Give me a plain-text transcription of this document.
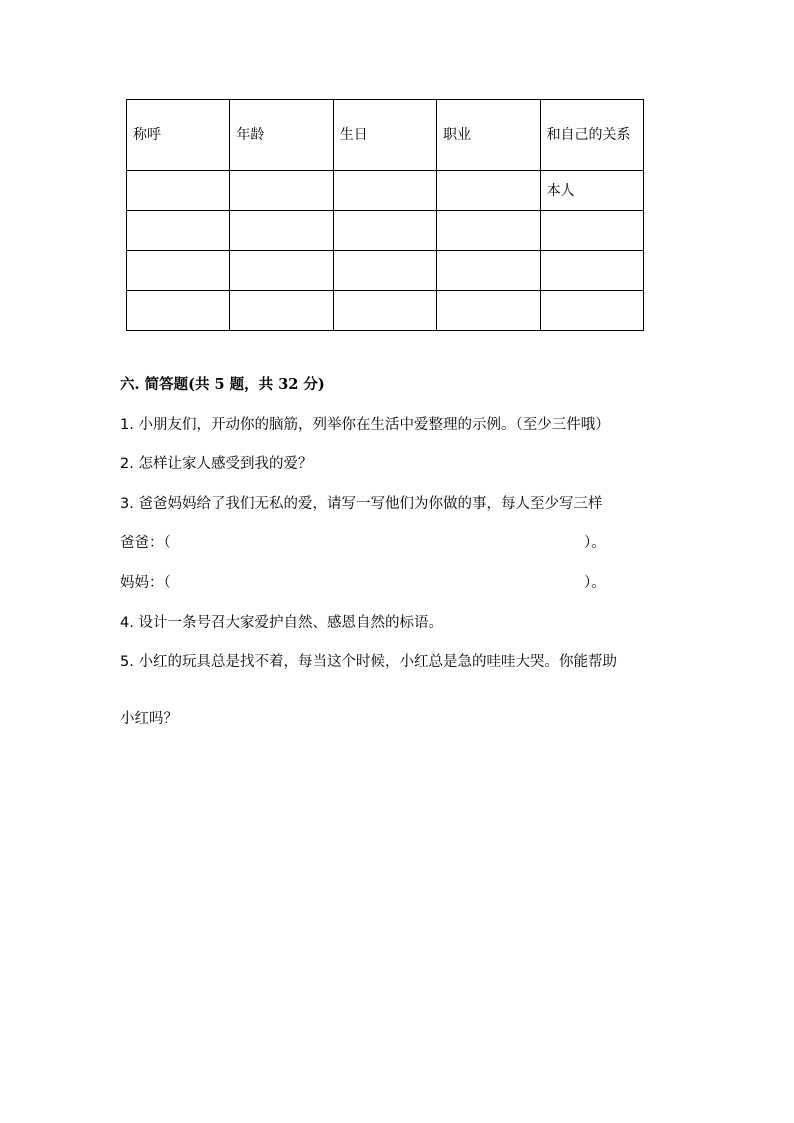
称呼	年龄	生日	职业	和自己的关系
				本人

六. 简答题(共 5 题，共 32 分)
1. 小朋友们，开动你的脑筋，列举你在生活中爱整理的示例。（至少三件哦）
2. 怎样让家人感受到我的爱？
3. 爸爸妈妈给了我们无私的爱，请写一写他们为你做的事，每人至少写三样
爸爸：（	）。
妈妈：（	）。
4. 设计一条号召大家爱护自然、感恩自然的标语。
5. 小红的玩具总是找不着，每当这个时候，小红总是急的哇哇大哭。你能帮助
小红吗？
